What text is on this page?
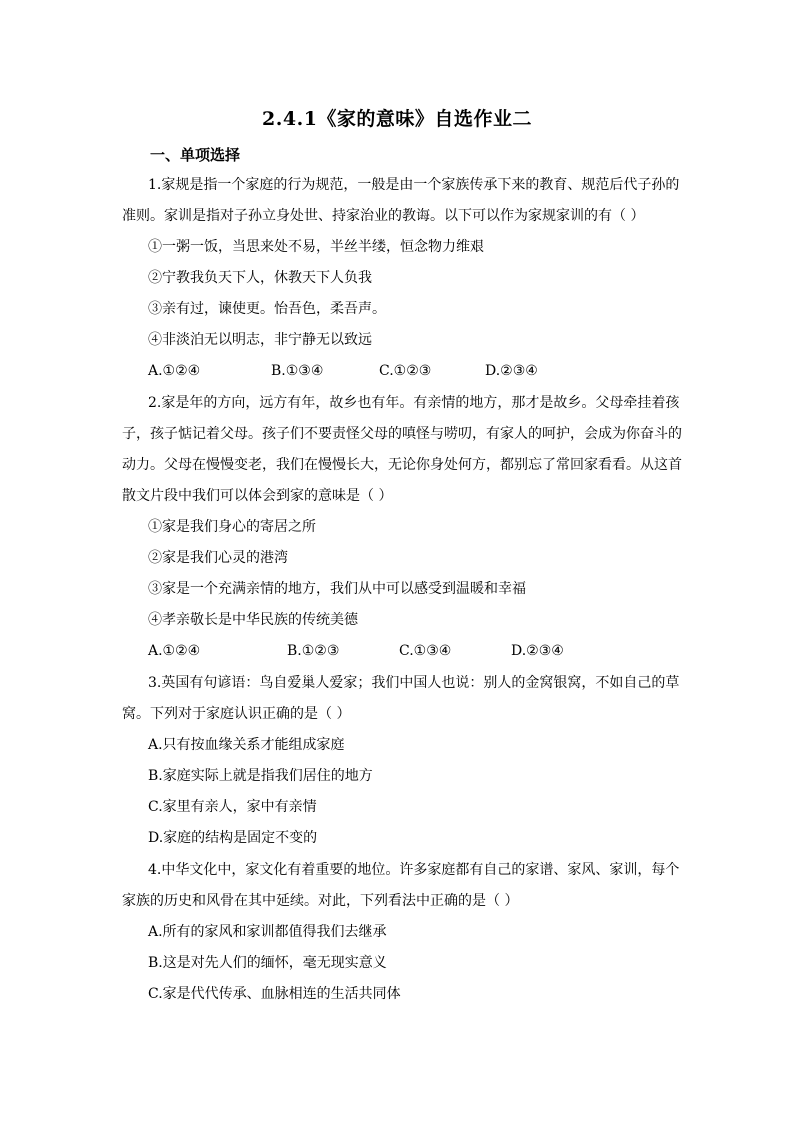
2.4.1《家的意味》自选作业二
一、单项选择
1.家规是指一个家庭的行为规范，一般是由一个家族传承下来的教育、规范后代子孙的
准则。家训是指对子孙立身处世、持家治业的教诲。以下可以作为家规家训的有（ ）
①一粥一饭，当思来处不易，半丝半缕，恒念物力维艰
②宁教我负天下人，休教天下人负我
③亲有过，谏使更。怡吾色，柔吾声。
④非淡泊无以明志，非宁静无以致远
A.①②④	B.①③④	C.①②③	D.②③④
2.家是年的方向，远方有年，故乡也有年。有亲情的地方，那才是故乡。父母牵挂着孩
子，孩子惦记着父母。孩子们不要责怪父母的嗔怪与唠叨，有家人的呵护，会成为你奋斗的
动力。父母在慢慢变老，我们在慢慢长大，无论你身处何方，都别忘了常回家看看。从这首
散文片段中我们可以体会到家的意味是（ ）
①家是我们身心的寄居之所
②家是我们心灵的港湾
③家是一个充满亲情的地方，我们从中可以感受到温暖和幸福
④孝亲敬长是中华民族的传统美德
A.①②④	B.①②③	C.①③④	D.②③④
3.英国有句谚语：鸟自爱巢人爱家；我们中国人也说：别人的金窝银窝，不如自己的草
窝。下列对于家庭认识正确的是（ ）
A.只有按血缘关系才能组成家庭
B.家庭实际上就是指我们居住的地方
C.家里有亲人，家中有亲情
D.家庭的结构是固定不变的
4.中华文化中，家文化有着重要的地位。许多家庭都有自己的家谱、家风、家训，每个
家族的历史和风骨在其中延续。对此，下列看法中正确的是（ ）
A.所有的家风和家训都值得我们去继承
B.这是对先人们的缅怀，毫无现实意义
C.家是代代传承、血脉相连的生活共同体
